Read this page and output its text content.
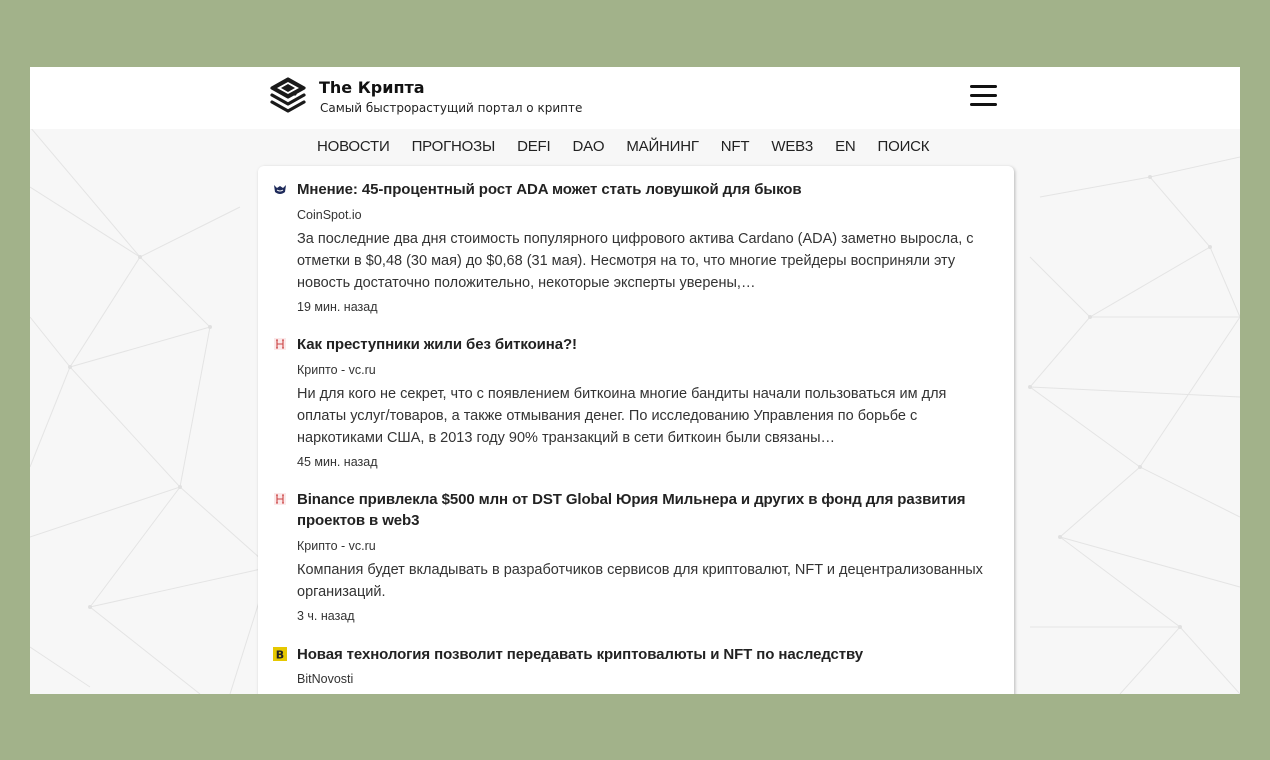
The Крипта
Самый быстрорастущий портал о крипте
НОВОСТИ	ПРОГНОЗЫ	DEFI	DAO	МАЙНИНГ	NFT	WEB3	EN	ПОИСК
Мнение: 45-процентный рост ADA может стать ловушкой для быков
CoinSpot.io
За последние два дня стоимость популярного цифрового актива Cardano (ADA) заметно выросла, с отметки в $0,48 (30 мая) до $0,68 (31 мая). Несмотря на то, что многие трейдеры восприняли эту новость достаточно положительно, некоторые эксперты уверены,…
19 мин. назад
Как преступники жили без биткоина?!
Крипто - vc.ru
Ни для кого не секрет, что с появлением биткоина многие бандиты начали пользоваться им для оплаты услуг/товаров, а также отмывания денег. По исследованию Управления по борьбе с наркотиками США, в 2013 году 90% транзакций в сети биткоин были связаны…
45 мин. назад
Binance привлекла $500 млн от DST Global Юрия Мильнера и других в фонд для развития проектов в web3
Крипто - vc.ru
Компания будет вкладывать в разработчиков сервисов для криптовалют, NFT и децентрализованных организаций.
3 ч. назад
B Новая технология позволит передавать криптовалюты и NFT по наследству
BitNovosti
